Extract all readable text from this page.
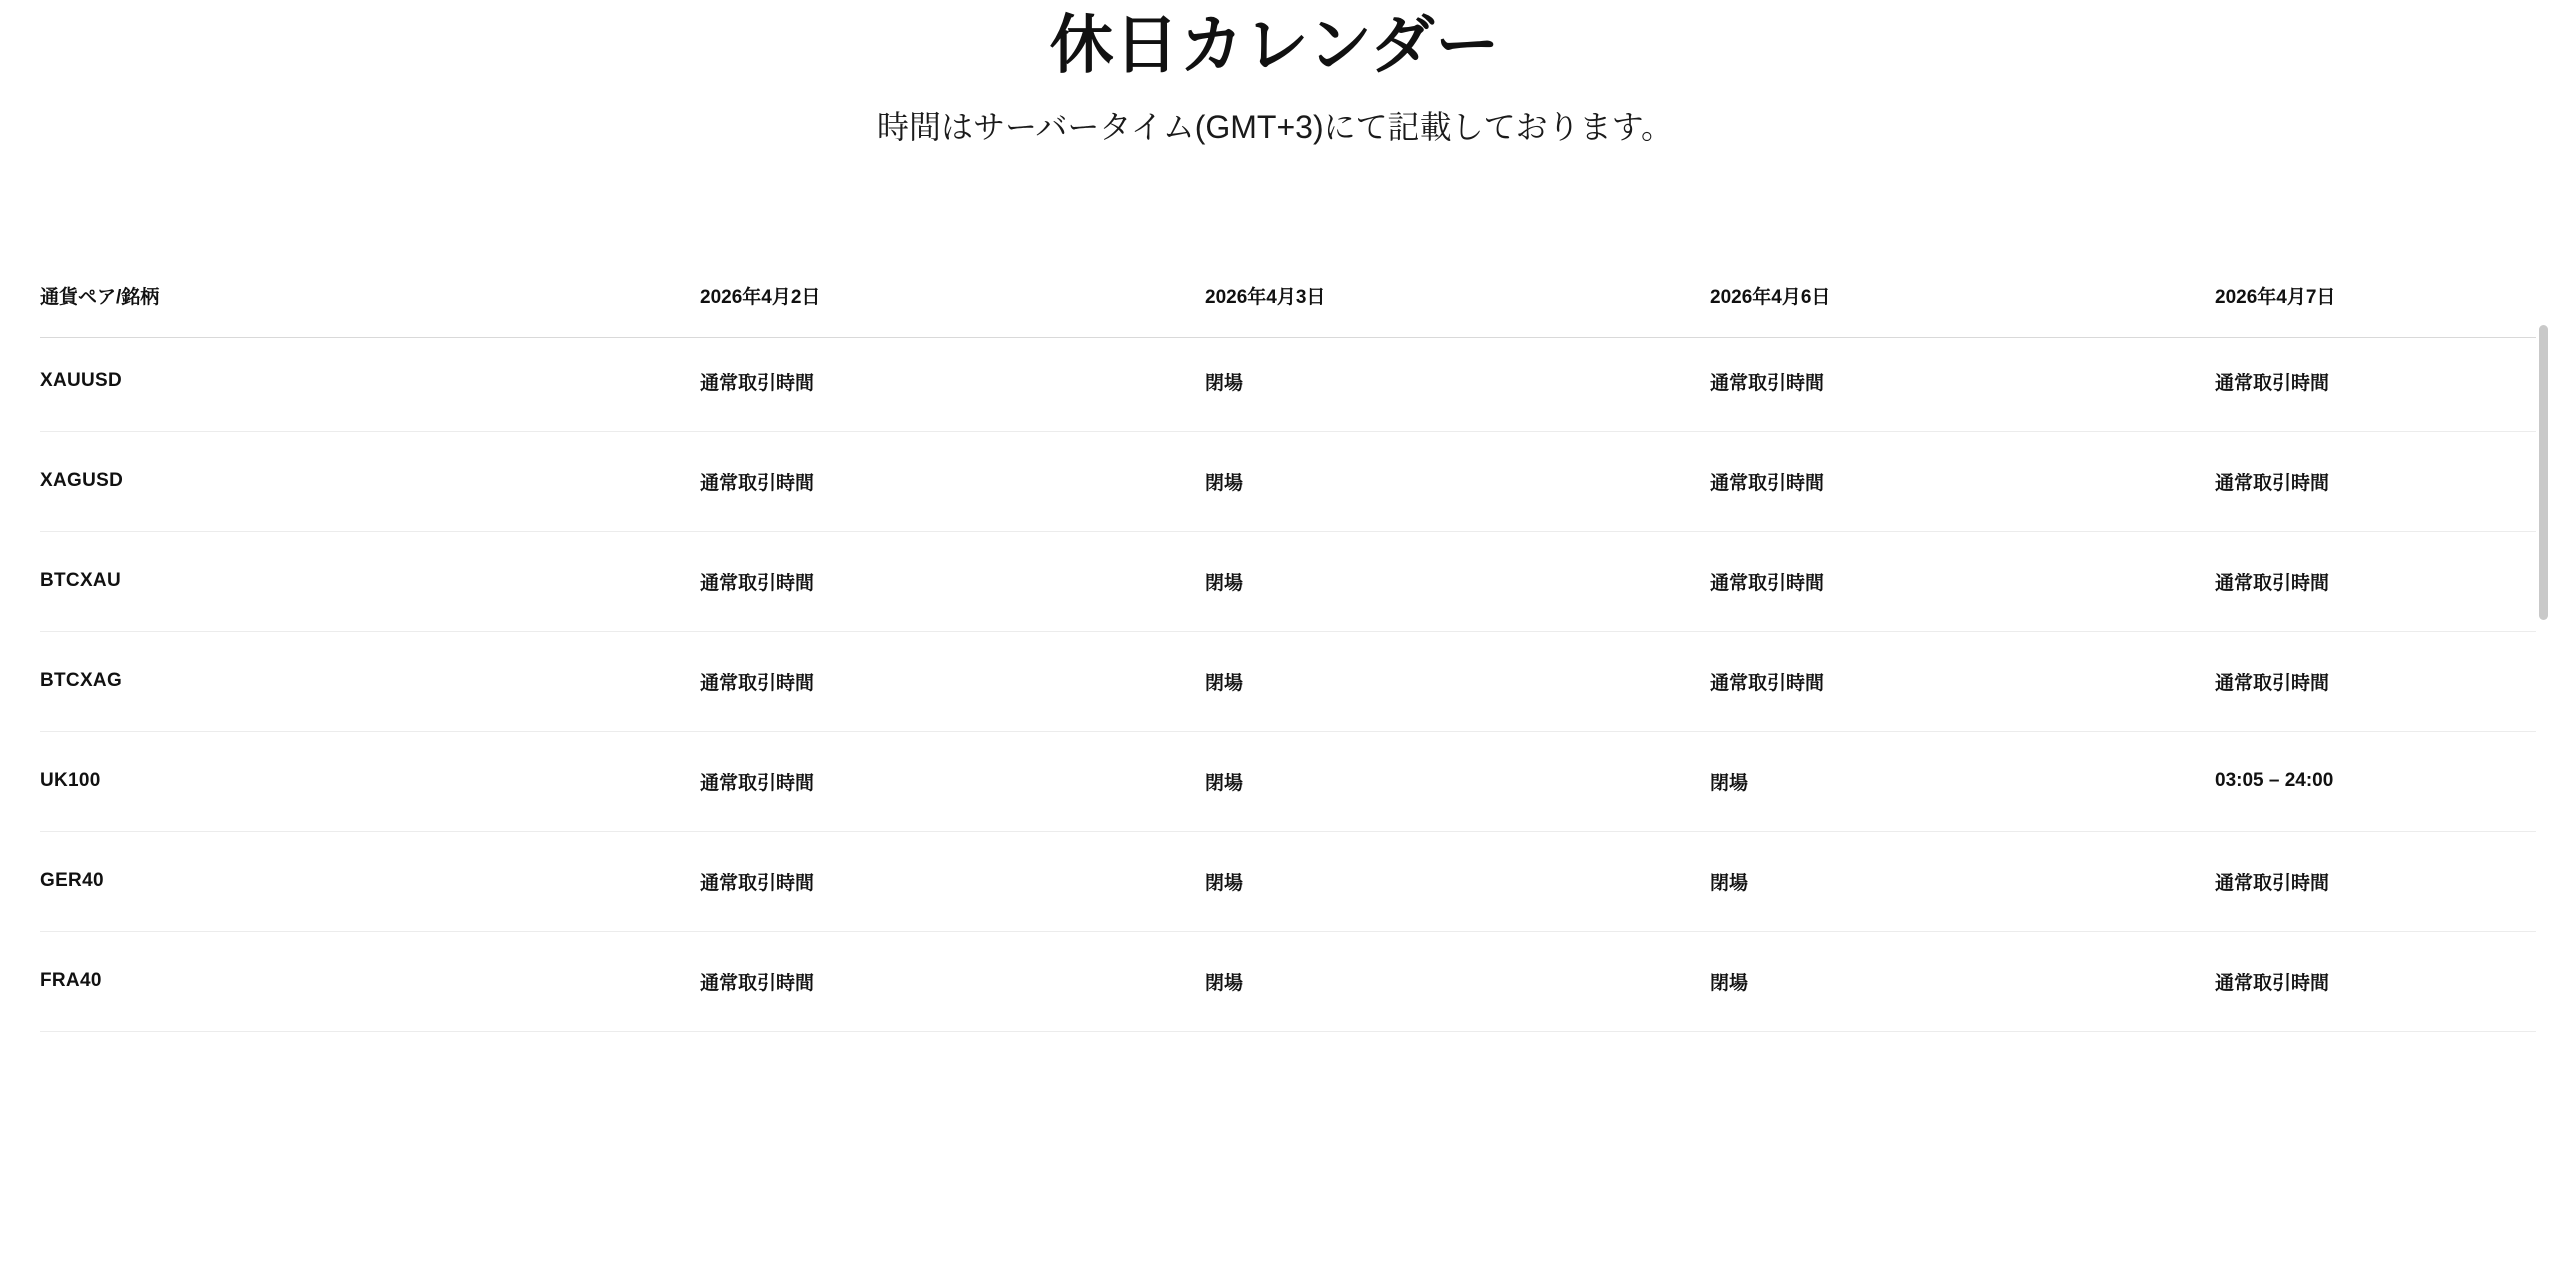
休日カレンダー

時間はサーバータイム(GMT+3)にて記載しております。

通貨ペア/銘柄	2026年4月2日	2026年4月3日	2026年4月6日	2026年4月7日
XAUUSD	通常取引時間	閉場	通常取引時間	通常取引時間
XAGUSD	通常取引時間	閉場	通常取引時間	通常取引時間
BTCXAU	通常取引時間	閉場	通常取引時間	通常取引時間
BTCXAG	通常取引時間	閉場	通常取引時間	通常取引時間
UK100	通常取引時間	閉場	閉場	03:05 – 24:00
GER40	通常取引時間	閉場	閉場	通常取引時間
FRA40	通常取引時間	閉場	閉場	通常取引時間
